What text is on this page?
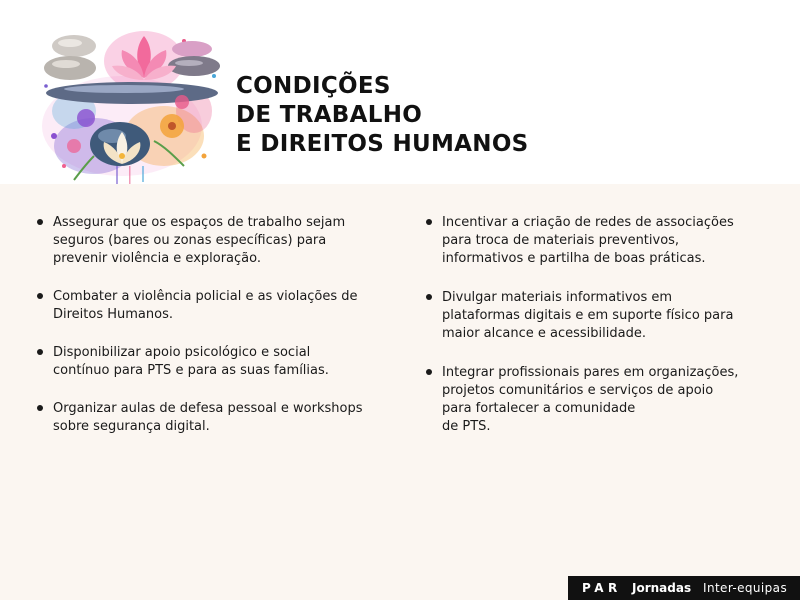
CONDIÇÕES
DE TRABALHO
E DIREITOS HUMANOS
Assegurar que os espaços de trabalho sejam
seguros (bares ou zonas específicas) para
prevenir violência e exploração.
Combater a violência policial e as violações de
Direitos Humanos.
Disponibilizar apoio psicológico e social
contínuo para PTS e para as suas famílias.
Organizar aulas de defesa pessoal e workshops
sobre segurança digital.
Incentivar a criação de redes de associações
para troca de materiais preventivos,
informativos e partilha de boas práticas.
Divulgar materiais informativos em
plataformas digitais e em suporte físico para
maior alcance e acessibilidade.
Integrar profissionais pares em organizações,
projetos comunitários e serviços de apoio
para fortalecer a comunidade
de PTS.
PAR Jornadas Inter-equipas
